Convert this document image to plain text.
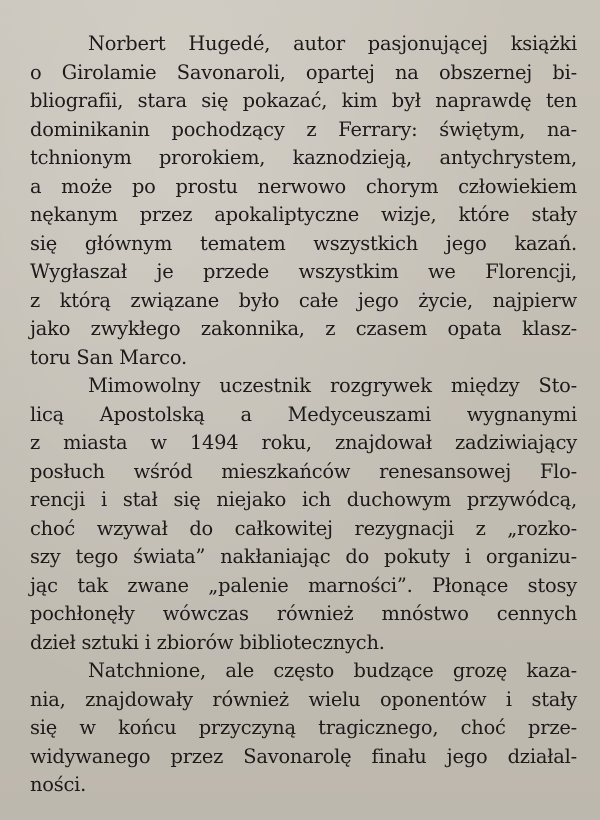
Norbert Hugedé, autor pasjonującej książki
o Girolamie Savonaroli, opartej na obszernej bi-
bliografii, stara się pokazać, kim był naprawdę ten
dominikanin pochodzący z Ferrary: świętym, na-
tchnionym prorokiem, kaznodzieją, antychrystem,
a może po prostu nerwowo chorym człowiekiem
nękanym przez apokaliptyczne wizje, które stały
się głównym tematem wszystkich jego kazań.
Wygłaszał je przede wszystkim we Florencji,
z którą związane było całe jego życie, najpierw
jako zwykłego zakonnika, z czasem opata klasz-
toru San Marco.
Mimowolny uczestnik rozgrywek między Sto-
licą Apostolską a Medyceuszami wygnanymi
z miasta w 1494 roku, znajdował zadziwiający
posłuch wśród mieszkańców renesansowej Flo-
rencji i stał się niejako ich duchowym przywódcą,
choć wzywał do całkowitej rezygnacji z „rozko-
szy tego świata” nakłaniając do pokuty i organizu-
jąc tak zwane „palenie marności”. Płonące stosy
pochłonęły wówczas również mnóstwo cennych
dzieł sztuki i zbiorów bibliotecznych.
Natchnione, ale często budzące grozę kaza-
nia, znajdowały również wielu oponentów i stały
się w końcu przyczyną tragicznego, choć prze-
widywanego przez Savonarolę finału jego działal-
ności.
